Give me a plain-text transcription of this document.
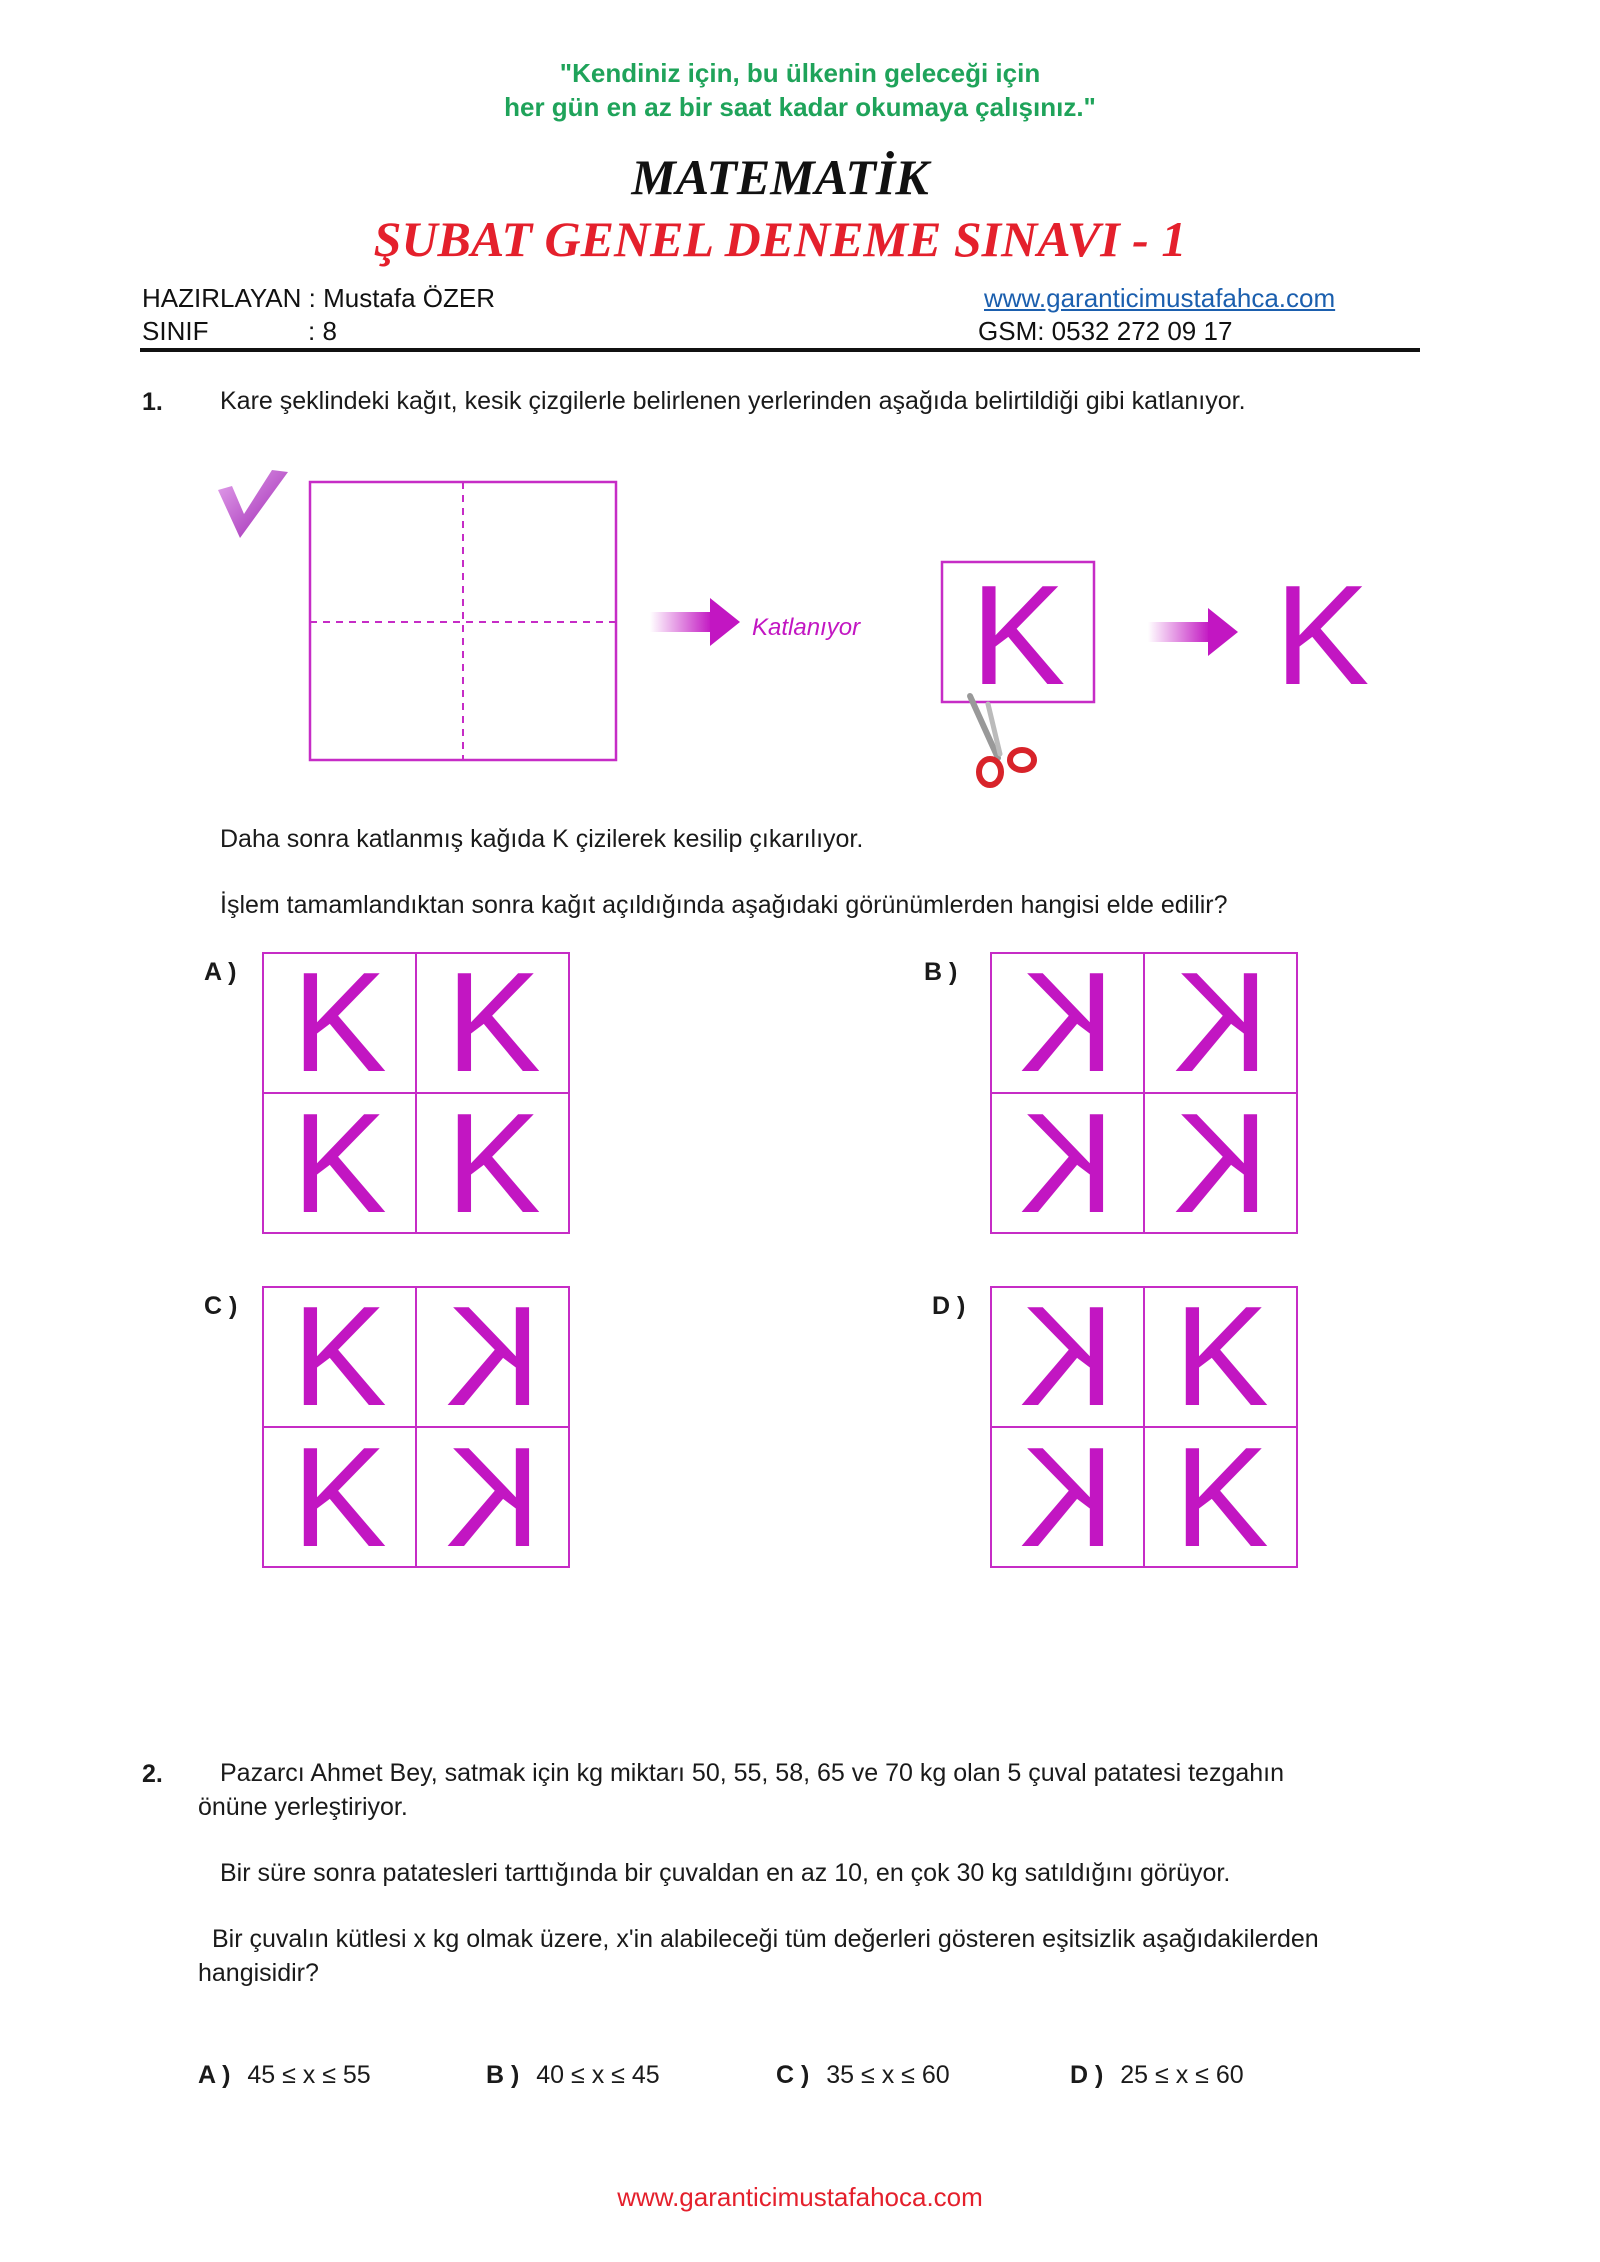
"Kendiniz için, bu ülkenin geleceği için
her gün en az bir saat kadar okumaya çalışınız."
MATEMATİK
ŞUBAT GENEL DENEME SINAVI - 1
HAZIRLAYAN : Mustafa ÖZER
SINIF	: 8
www.garanticimustafahca.com
GSM: 0532 272 09 17
1. Kare şeklindeki kağıt, kesik çizgilerle belirlenen yerlerinden aşağıda belirtildiği gibi katlanıyor.
Katlanıyor K K
Daha sonra katlanmış kağıda K çizilerek kesilip çıkarılıyor.
İşlem tamamlandıktan sonra kağıt açıldığında aşağıdaki görünümlerden hangisi elde edilir?
A ) K K
K K
B ) K K
K K
C ) K K
K K
D ) K K
K K
2. Pazarcı Ahmet Bey, satmak için kg miktarı 50, 55, 58, 65 ve 70 kg olan 5 çuval patatesi tezgahın
önüne yerleştiriyor.
Bir süre sonra patatesleri tarttığında bir çuvaldan en az 10, en çok 30 kg satıldığını görüyor.
Bir çuvalın kütlesi x kg olmak üzere, x'in alabileceği tüm değerleri gösteren eşitsizlik aşağıdakilerden
hangisidir?
A ) 45 ≤ x ≤ 55	B ) 40 ≤ x ≤ 45	C ) 35 ≤ x ≤ 60	D ) 25 ≤ x ≤ 60
www.garanticimustafahoca.com
